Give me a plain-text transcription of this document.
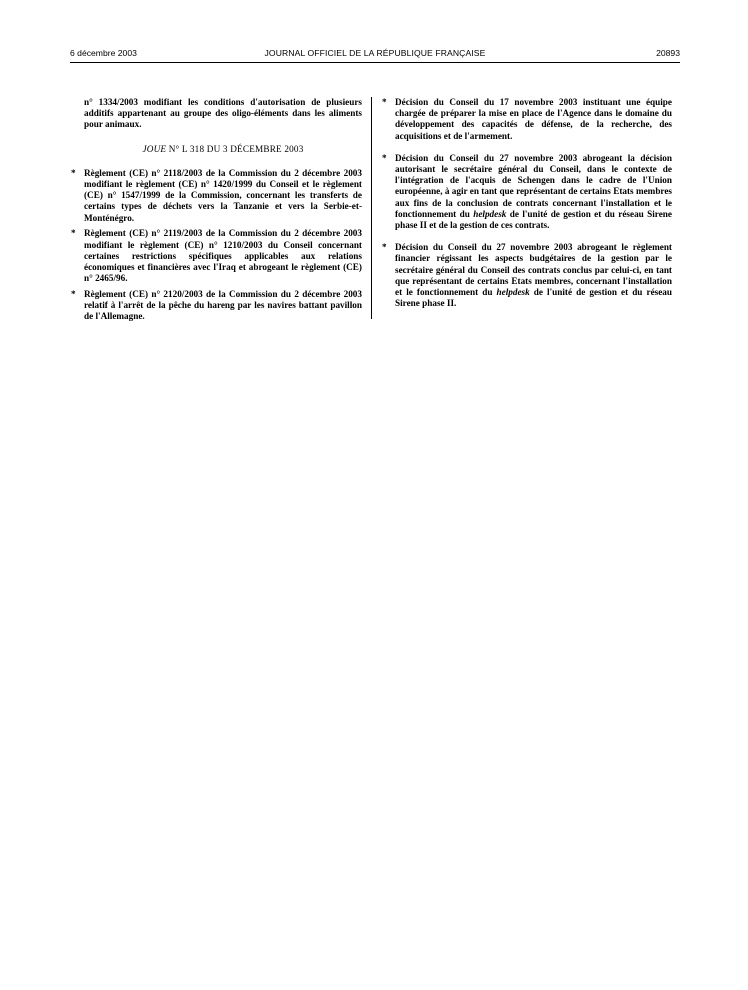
JOURNAL OFFICIEL DE LA RÉPUBLIQUE FRANÇAISE
6 décembre 2003	20893

n° 1334/2003 modifiant les conditions d'autorisation de plusieurs additifs appartenant au groupe des oligo-éléments dans les aliments pour animaux.

JOUE N° L 318 DU 3 DÉCEMBRE 2003

* Règlement (CE) n° 2118/2003 de la Commission du 2 décembre 2003 modifiant le règlement (CE) n° 1420/1999 du Conseil et le règlement (CE) n° 1547/1999 de la Commission, concernant les transferts de certains types de déchets vers la Tanzanie et vers la Serbie-et-Monténégro.

* Règlement (CE) n° 2119/2003 de la Commission du 2 décembre 2003 modifiant le règlement (CE) n° 1210/2003 du Conseil concernant certaines restrictions spécifiques applicables aux relations économiques et financières avec l'Iraq et abrogeant le règlement (CE) n° 2465/96.

* Règlement (CE) n° 2120/2003 de la Commission du 2 décembre 2003 relatif à l'arrêt de la pêche du hareng par les navires battant pavillon de l'Allemagne.

* Décision du Conseil du 17 novembre 2003 instituant une équipe chargée de préparer la mise en place de l'Agence dans le domaine du développement des capacités de défense, de la recherche, des acquisitions et de l'armement.

* Décision du Conseil du 27 novembre 2003 abrogeant la décision autorisant le secrétaire général du Conseil, dans le contexte de l'intégration de l'acquis de Schengen dans le cadre de l'Union européenne, à agir en tant que représentant de certains Etats membres aux fins de la conclusion de contrats concernant l'installation et le fonctionnement du helpdesk de l'unité de gestion et du réseau Sirene phase II et de la gestion de ces contrats.

* Décision du Conseil du 27 novembre 2003 abrogeant le règlement financier régissant les aspects budgétaires de la gestion par le secrétaire général du Conseil des contrats conclus par celui-ci, en tant que représentant de certains Etats membres, concernant l'installation et le fonctionnement du helpdesk de l'unité de gestion et du réseau Sirene phase II.
